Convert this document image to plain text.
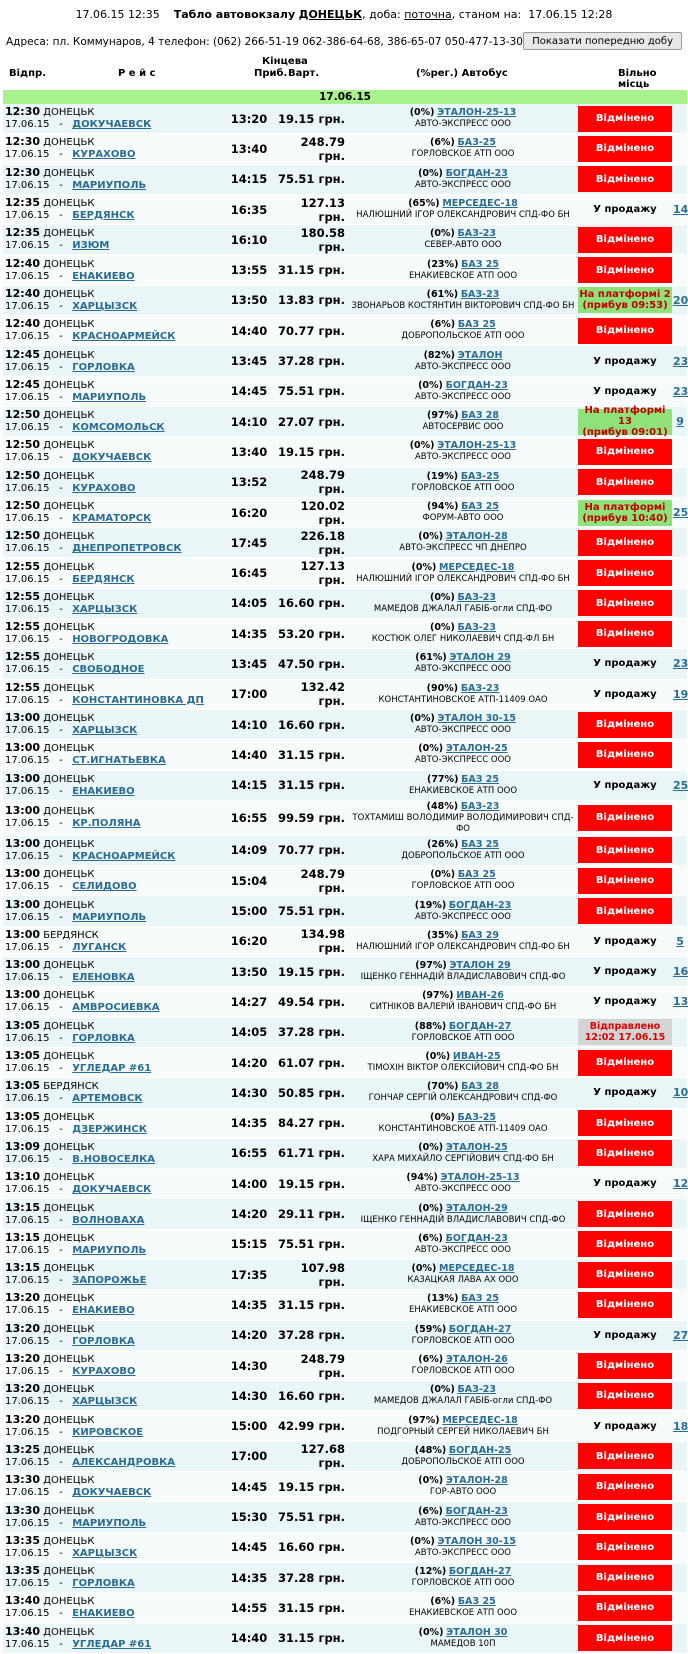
17.06.15 12:35 Табло автовокзалу ДОНЕЦЬК, доба: поточна, станом на: 17.06.15 12:28
Адреса: пл. Коммунаров, 4 телефон: (062) 266-51-19 062-386-64-68, 386-65-07 050-477-13-30 Показати попередню добу
Відпр.	Р е й с
Кінцева
Приб. Варт.	(%рег.) Автобус	Вільно місць
17.06.15					
12:30 ДОНЕЦЬК
17.06.15   -   ДОКУЧАЕВСК	13:20	19.15 грн.	(0%) ЭТАЛОН-25-13
АВТО-ЭКСПРЕСС ООО	Відмінено	

12:30 ДОНЕЦЬК
17.06.15   -   КУРАХОВО	13:40	248.79 грн.	(6%) БАЗ-25
ГОРЛОВСКОЕ АТП ООО	Відмінено	

12:30 ДОНЕЦЬК
17.06.15   -   МАРИУПОЛЬ	14:15	75.51 грн.	(0%) БОГДАН-23
АВТО-ЭКСПРЕСС ООО	Відмінено	

12:35 ДОНЕЦЬК
17.06.15   -   БЕРДЯНСК	16:35	127.13 грн.	(65%) МЕРСЕДЕС-18
НАЛЮШНИЙ ІГОР ОЛЕКСАНДРОВИЧ СПД-ФО БН	У продажу	14
12:35 ДОНЕЦЬК
17.06.15   -   ИЗЮМ	16:10	180.58 грн.	(0%) БАЗ-23
СЕВЕР-АВТО ООО	Відмінено	

12:40 ДОНЕЦЬК
17.06.15   -   ЕНАКИЕВО	13:55	31.15 грн.	(23%) БАЗ 25
ЕНАКИЕВСКОЕ АТП ООО	Відмінено	

12:40 ДОНЕЦЬК
17.06.15   -   ХАРЦЫЗСК	13:50	13.83 грн.	(61%) БАЗ-23
ЗВОНАРЬОВ КОСТЯНТИН ВІКТОРОВИЧ СПД-ФО БН	На платформі 2
(прибув 09:53)	20
12:40 ДОНЕЦЬК
17.06.15   -   КРАСНОАРМЕЙСК	14:40	70.77 грн.	(6%) БАЗ 25
ДОБРОПОЛЬСКОЕ АТП ООО	Відмінено	

12:45 ДОНЕЦЬК
17.06.15   -   ГОРЛОВКА	13:45	37.28 грн.	(82%) ЭТАЛОН
АВТО-ЭКСПРЕСС ООО	У продажу	23
12:45 ДОНЕЦЬК
17.06.15   -   МАРИУПОЛЬ	14:45	75.51 грн.	(0%) БОГДАН-23
АВТО-ЭКСПРЕСС ООО	У продажу	23
12:50 ДОНЕЦЬК
17.06.15   -   КОМСОМОЛЬСК	14:10	27.07 грн.	(97%) БАЗ 28
АВТОСЕРВИС ООО	На платформі 13
(прибув 09:01)	9
12:50 ДОНЕЦЬК
17.06.15   -   ДОКУЧАЕВСК	13:40	19.15 грн.	(0%) ЭТАЛОН-25-13
АВТО-ЭКСПРЕСС ООО	Відмінено	

12:50 ДОНЕЦЬК
17.06.15   -   КУРАХОВО	13:52	248.79 грн.	(19%) БАЗ-25
ГОРЛОВСКОЕ АТП ООО	Відмінено	

12:50 ДОНЕЦЬК
17.06.15   -   КРАМАТОРСК	16:20	120.02 грн.	(94%) БАЗ 25
ФОРУМ-АВТО ООО	На платформі
(прибув 10:40)	25
12:50 ДОНЕЦЬК
17.06.15   -   ДНЕПРОПЕТРОВСК	17:45	226.18 грн.	(0%) ЭТАЛОН-28
АВТО-ЭКСПРЕСС ЧП ДНЕПРО	Відмінено	

12:55 ДОНЕЦЬК
17.06.15   -   БЕРДЯНСК	16:45	127.13 грн.	(0%) МЕРСЕДЕС-18
НАЛЮШНИЙ ІГОР ОЛЕКСАНДРОВИЧ СПД-ФО БН	Відмінено	

12:55 ДОНЕЦЬК
17.06.15   -   ХАРЦЫЗСК	14:05	16.60 грн.	(0%) БАЗ-23
МАМЕДОВ ДЖАЛАЛ ГАБІБ-огли СПД-ФО	Відмінено	

12:55 ДОНЕЦЬК
17.06.15   -   НОВОГРОДОВКА	14:35	53.20 грн.	(0%) БАЗ-23
КОСТЮК ОЛЕГ НИКОЛАЕВИЧ СПД-ФЛ БН	Відмінено	

12:55 ДОНЕЦЬК
17.06.15   -   СВОБОДНОЕ	13:45	47.50 грн.	(61%) ЭТАЛОН 29
АВТО-ЭКСПРЕСС ООО	У продажу	23
12:55 ДОНЕЦЬК
17.06.15   -   КОНСТАНТИНОВКА ДП	17:00	132.42 грн.	(90%) БАЗ-23
КОНСТАНТИНОВСКОЕ АТП-11409 ОАО	У продажу	19
13:00 ДОНЕЦЬК
17.06.15   -   ХАРЦЫЗСК	14:10	16.60 грн.	(0%) ЭТАЛОН 30-15
АВТО-ЭКСПРЕСС ООО	Відмінено	

13:00 ДОНЕЦЬК
17.06.15   -   СТ.ИГНАТЬЕВКА	14:40	31.15 грн.	(0%) ЭТАЛОН-25
АВТО-ЭКСПРЕСС ООО	Відмінено	

13:00 ДОНЕЦЬК
17.06.15   -   ЕНАКИЕВО	14:15	31.15 грн.	(77%) БАЗ 25
ЕНАКИЕВСКОЕ АТП ООО	У продажу	25
13:00 ДОНЕЦЬК
17.06.15   -   КР.ПОЛЯНА	16:55	99.59 грн.	(48%) БАЗ-23
ТОХТАМИШ ВОЛОДИМИР ВОЛОДИМИРОВИЧ СПД-ФО	Відмінено	

13:00 ДОНЕЦЬК
17.06.15   -   КРАСНОАРМЕЙСК	14:09	70.77 грн.	(26%) БАЗ 25
ДОБРОПОЛЬСКОЕ АТП ООО	Відмінено	

13:00 ДОНЕЦЬК
17.06.15   -   СЕЛИДОВО	15:04	248.79 грн.	(0%) БАЗ 25
ГОРЛОВСКОЕ АТП ООО	Відмінено	

13:00 ДОНЕЦЬК
17.06.15   -   МАРИУПОЛЬ	15:00	75.51 грн.	(19%) БОГДАН-23
АВТО-ЭКСПРЕСС ООО	Відмінено	

13:00 БЕРДЯНСК
17.06.15   -   ЛУГАНСК	16:20	134.98 грн.	(35%) БАЗ 29
НАЛЮШНИЙ ІГОР ОЛЕКСАНДРОВИЧ СПД-ФО БН	У продажу	5
13:00 ДОНЕЦЬК
17.06.15   -   ЕЛЕНОВКА	13:50	19.15 грн.	(97%) ЭТАЛОН 29
ІЩЕНКО ГЕННАДІЙ ВЛАДИСЛАВОВИЧ СПД-ФО	У продажу	16
13:00 ДОНЕЦЬК
17.06.15   -   АМВРОСИЕВКА	14:27	49.54 грн.	(97%) ИВАН-26
СИТНІКОВ ВАЛЕРІЙ ІВАНОВИЧ СПД-ФО БН	У продажу	13
13:05 ДОНЕЦЬК
17.06.15   -   ГОРЛОВКА	14:05	37.28 грн.	(88%) БОГДАН-27
ГОРЛОВСКОЕ АТП ООО	Відправлено
12:02 17.06.15	

13:05 ДОНЕЦЬК
17.06.15   -   УГЛЕДАР #61	14:20	61.07 грн.	(0%) ИВАН-25
ТІМОХІН ВІКТОР ОЛЕКСІЙОВИЧ СПД-ФО БН	Відмінено	

13:05 БЕРДЯНСК
17.06.15   -   АРТЕМОВСК	14:30	50.85 грн.	(70%) БАЗ 28
ГОНЧАР СЕРГІЙ ОЛЕКСАНДРОВИЧ СПД-ФО	У продажу	10
13:05 ДОНЕЦЬК
17.06.15   -   ДЗЕРЖИНСК	14:35	84.27 грн.	(0%) БАЗ-25
КОНСТАНТИНОВСКОЕ АТП-11409 ОАО	Відмінено	

13:09 ДОНЕЦЬК
17.06.15   -   В.НОВОСЕЛКА	16:55	61.71 грн.	(0%) ЭТАЛОН-25
ХАРА МИХАЙЛО СЕРГІЙОВИЧ СПД-ФО БН	Відмінено	

13:10 ДОНЕЦЬК
17.06.15   -   ДОКУЧАЕВСК	14:00	19.15 грн.	(94%) ЭТАЛОН-25-13
АВТО-ЭКСПРЕСС ООО	У продажу	12
13:15 ДОНЕЦЬК
17.06.15   -   ВОЛНОВАХА	14:20	29.11 грн.	(0%) ЭТАЛОН-29
ІЩЕНКО ГЕННАДІЙ ВЛАДИСЛАВОВИЧ СПД-ФО	Відмінено	

13:15 ДОНЕЦЬК
17.06.15   -   МАРИУПОЛЬ	15:15	75.51 грн.	(6%) БОГДАН-23
АВТО-ЭКСПРЕСС ООО	Відмінено	

13:15 ДОНЕЦЬК
17.06.15   -   ЗАПОРОЖЬЕ	17:35	107.98 грн.	(0%) МЕРСЕДЕС-18
КАЗАЦКАЯ ЛАВА АХ ООО	Відмінено	

13:20 ДОНЕЦЬК
17.06.15   -   ЕНАКИЕВО	14:35	31.15 грн.	(13%) БАЗ 25
ЕНАКИЕВСКОЕ АТП ООО	Відмінено	

13:20 ДОНЕЦЬК
17.06.15   -   ГОРЛОВКА	14:20	37.28 грн.	(59%) БОГДАН-27
ГОРЛОВСКОЕ АТП ООО	У продажу	27
13:20 ДОНЕЦЬК
17.06.15   -   КУРАХОВО	14:30	248.79 грн.	(6%) ЭТАЛОН-26
ГОРЛОВСКОЕ АТП ООО	Відмінено	

13:20 ДОНЕЦЬК
17.06.15   -   ХАРЦЫЗСК	14:30	16.60 грн.	(0%) БАЗ-23
МАМЕДОВ ДЖАЛАЛ ГАБІБ-огли СПД-ФО	Відмінено	

13:20 ДОНЕЦЬК
17.06.15   -   КИРОВСКОЕ	15:00	42.99 грн.	(97%) МЕРСЕДЕС-18
ПОДГОРНЫЙ СЕРГЕЙ НИКОЛАЕВИЧ БН	У продажу	18
13:25 ДОНЕЦЬК
17.06.15   -   АЛЕКСАНДРОВКА	17:00	127.68 грн.	(48%) БОГДАН-25
ДОБРОПОЛЬСКОЕ АТП ООО	Відмінено	

13:30 ДОНЕЦЬК
17.06.15   -   ДОКУЧАЕВСК	14:45	19.15 грн.	(0%) ЭТАЛОН-28
ГОР-АВТО ООО	Відмінено	

13:30 ДОНЕЦЬК
17.06.15   -   МАРИУПОЛЬ	15:30	75.51 грн.	(6%) БОГДАН-23
АВТО-ЭКСПРЕСС ООО	Відмінено	

13:35 ДОНЕЦЬК
17.06.15   -   ХАРЦЫЗСК	14:45	16.60 грн.	(0%) ЭТАЛОН 30-15
АВТО-ЭКСПРЕСС ООО	Відмінено	

13:35 ДОНЕЦЬК
17.06.15   -   ГОРЛОВКА	14:35	37.28 грн.	(12%) БОГДАН-27
ГОРЛОВСКОЕ АТП ООО	Відмінено	

13:40 ДОНЕЦЬК
17.06.15   -   ЕНАКИЕВО	14:55	31.15 грн.	(6%) БАЗ 25
ЕНАКИЕВСКОЕ АТП ООО	Відмінено	

13:40 ДОНЕЦЬК
17.06.15   -   УГЛЕДАР #61	14:40	31.15 грн.	(0%) ЭТАЛОН 30
МАМЕДОВ 10П	Відмінено	
